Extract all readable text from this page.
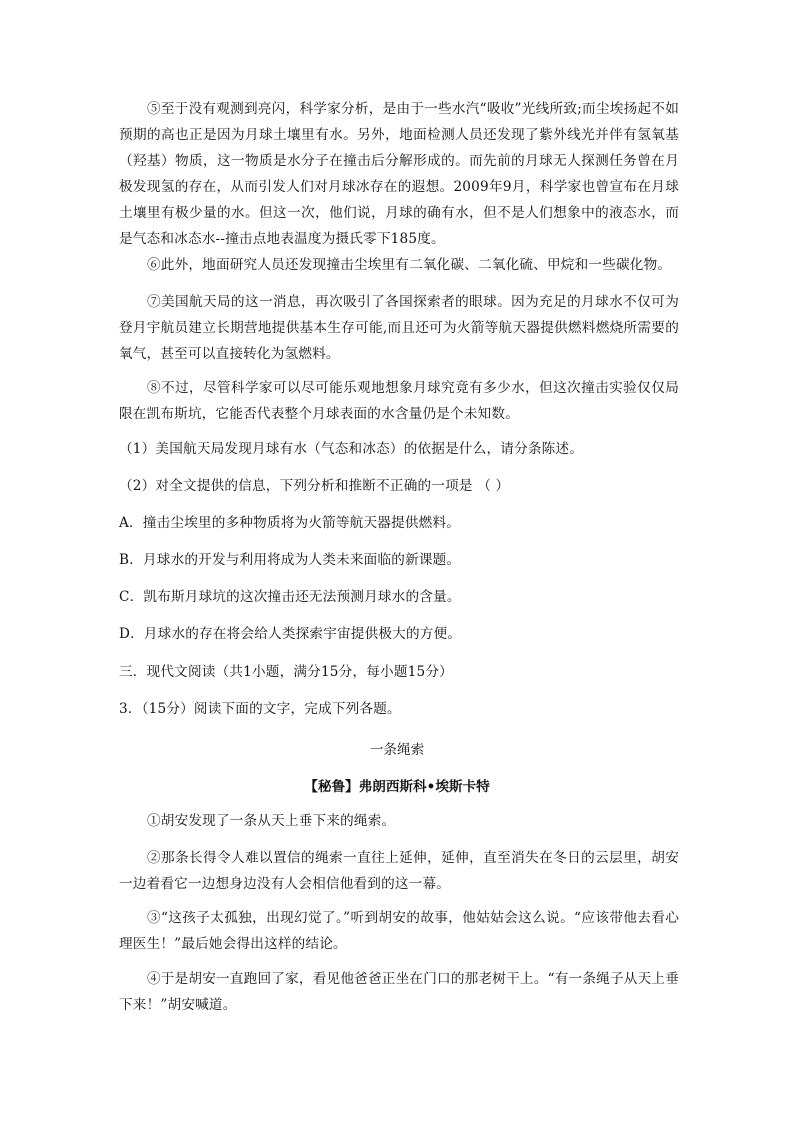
⑤至于没有观测到亮闪，科学家分析，是由于一些水汽“吸收”光线所致;而尘埃扬起不如预期的高也正是因为月球土壤里有水。另外，地面检测人员还发现了紫外线光并伴有氢氧基（羟基）物质，这一物质是水分子在撞击后分解形成的。而先前的月球无人探测任务曾在月极发现氢的存在，从而引发人们对月球冰存在的遐想。2009年9月，科学家也曾宣布在月球土壤里有极少量的水。但这一次，他们说，月球的确有水，但不是人们想象中的液态水，而是气态和冰态水--撞击点地表温度为摄氏零下185度。

⑥此外，地面研究人员还发现撞击尘埃里有二氧化碳、二氧化硫、甲烷和一些碳化物。

⑦美国航天局的这一消息，再次吸引了各国探索者的眼球。因为充足的月球水不仅可为登月宇航员建立长期营地提供基本生存可能,而且还可为火箭等航天器提供燃料燃烧所需要的氧气，甚至可以直接转化为氢燃料。

⑧不过，尽管科学家可以尽可能乐观地想象月球究竟有多少水，但这次撞击实验仅仅局限在凯布斯坑，它能否代表整个月球表面的水含量仍是个未知数。

（1）美国航天局发现月球有水（气态和冰态）的依据是什么，请分条陈述。

（2）对全文提供的信息，下列分析和推断不正确的一项是 （ ）

A．撞击尘埃里的多种物质将为火箭等航天器提供燃料。

B．月球水的开发与利用将成为人类未来面临的新课题。

C．凯布斯月球坑的这次撞击还无法预测月球水的含量。

D．月球水的存在将会给人类探索宇宙提供极大的方便。

三．现代文阅读（共1小题，满分15分，每小题15分）

3．（15分）阅读下面的文字，完成下列各题。

一条绳索

【秘鲁】弗朗西斯科•埃斯卡特

①胡安发现了一条从天上垂下来的绳索。

②那条长得令人难以置信的绳索一直往上延伸，延伸，直至消失在冬日的云层里，胡安一边着看它一边想身边没有人会相信他看到的这一幕。

③“这孩子太孤独，出现幻觉了。”听到胡安的故事，他姑姑会这么说。“应该带他去看心理医生！”最后她会得出这样的结论。

④于是胡安一直跑回了家，看见他爸爸正坐在门口的那老树干上。“有一条绳子从天上垂下来！”胡安喊道。
